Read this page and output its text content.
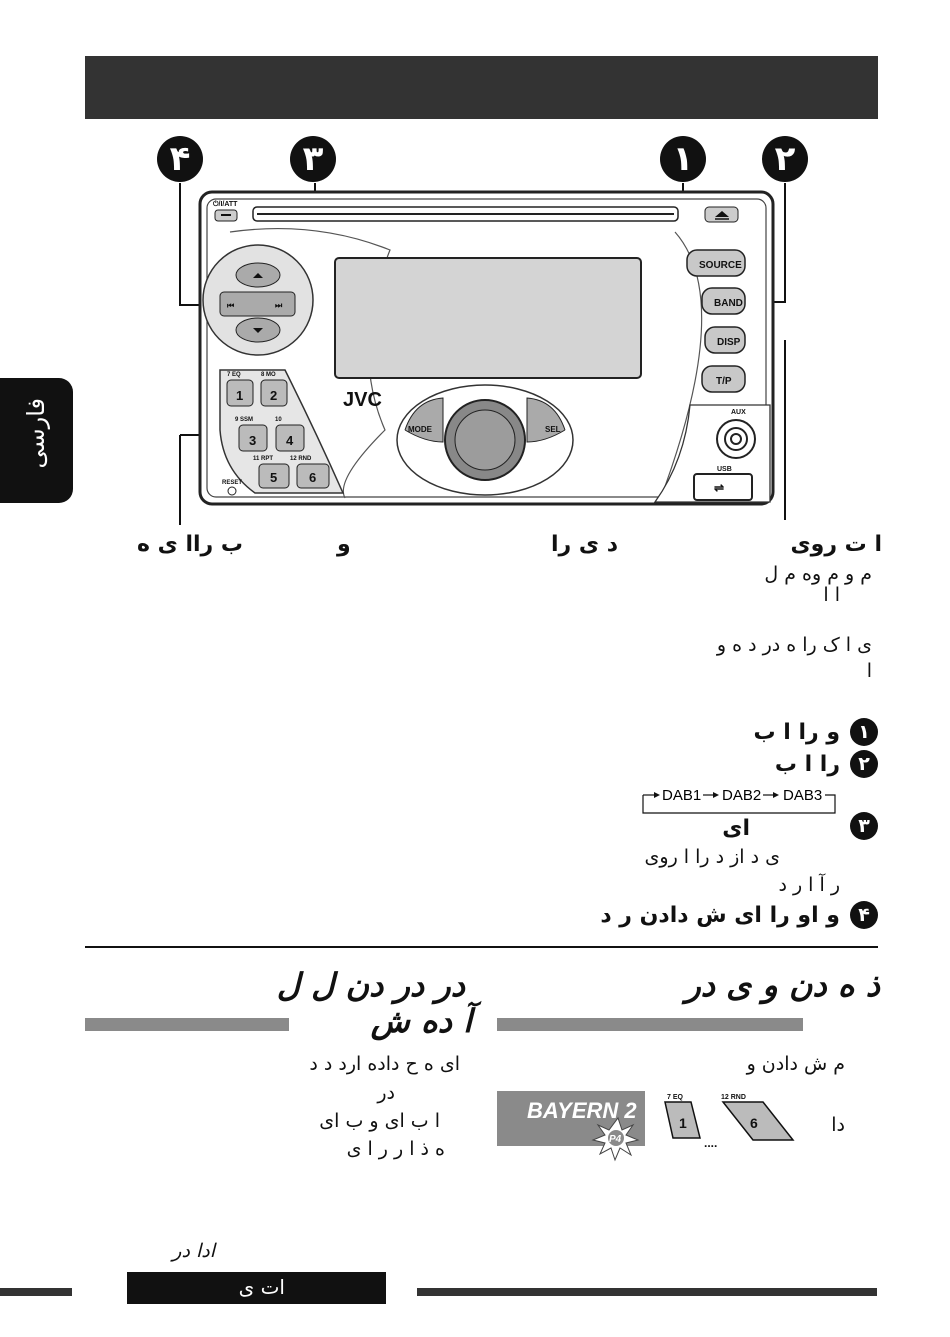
ب	ش دادن
۴	۳	۱	۲
فارسی
⏻/I/ATT
⏮	⏭
SOURCE
BAND
DISP
T/P
JVC
MODE	SEL
7 EQ	8 MO
9 SSM	10
11 RPT	12 RND
1 2
3 4
5 6
RESET
AUX
USB
⇌
ا ت روی
د ی را
و
ب راا ی ه
م و م وه م ل
ا ا
ی ا ک را ه در د ه و
ا
۱
و را ا ب
۲
را ا ب
DAB1 DAB2 DAB3
۳
ای
ی د از د را ا روی
ر آ ا ر د
۴
و او را ای ش دادن ر د
ذ ه دن و ی در
م ش دادن و
دا
BAYERN 2
P4
7 EQ
1
....
12 RND
6
در در دن ل ل
آ ده ش
ای ه ح داده ارد د د
در
ا ب ای و ب ای
ه ذ ا ر ر ا ی
ادا در
ات ی
